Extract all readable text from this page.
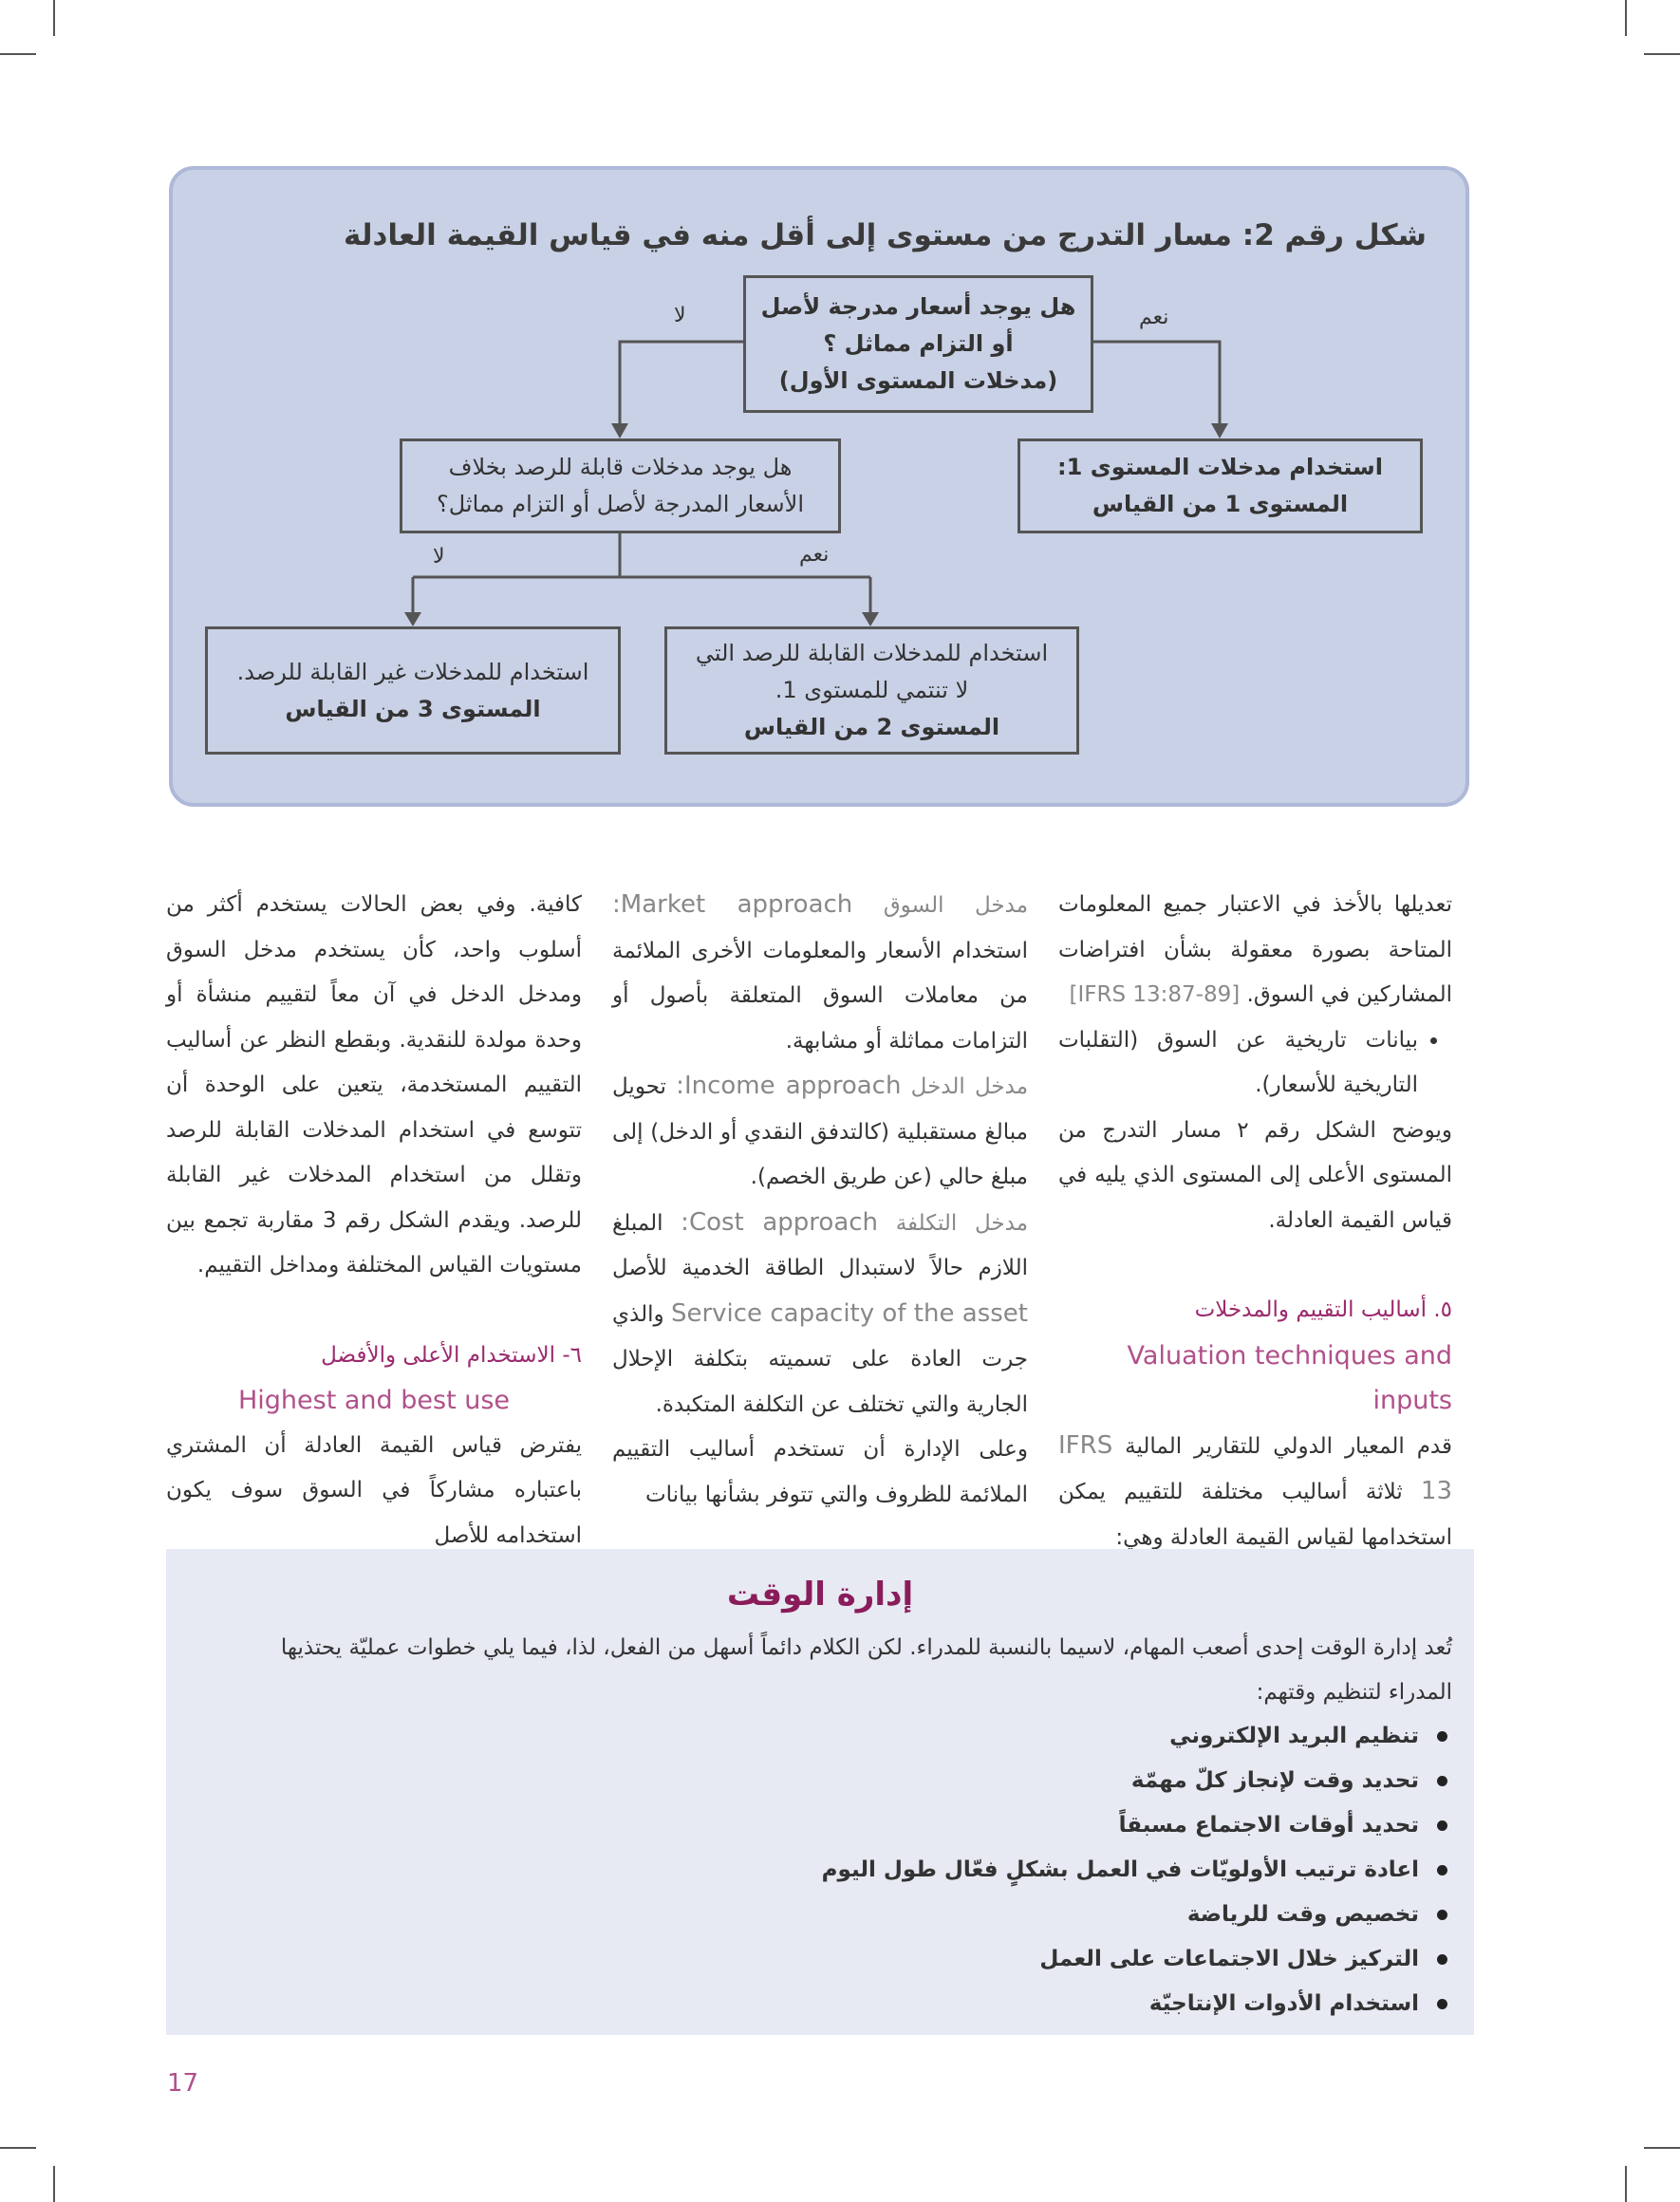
شكل رقم 2: مسار التدرج من مستوى إلى أقل منه في قياس القيمة العادلة
هل يوجد أسعار مدرجة لأصل
أو التزام مماثل ؟
(مدخلات المستوى الأول)
نعم
لا
استخدام مدخلات المستوى 1:
المستوى 1 من القياس
هل يوجد مدخلات قابلة للرصد بخلاف
الأسعار المدرجة لأصل أو التزام مماثل؟
نعم
لا
استخدام للمدخلات القابلة للرصد التي
لا تنتمي للمستوى 1.
المستوى 2 من القياس
استخدام للمدخلات غير القابلة للرصد.
المستوى 3 من القياس

تعديلها بالأخذ في الاعتبار جميع المعلومات المتاحة بصورة معقولة بشأن افتراضات المشاركين في السوق. [IFRS 13:87-89]

• بيانات تاريخية عن السوق (التقلبات التاريخية للأسعار).

ويوضح الشكل رقم ٢ مسار التدرج من المستوى الأعلى إلى المستوى الذي يليه في قياس القيمة العادلة.

٥. أساليب التقييم والمدخلات

Valuation techniques and inputs

قدم المعيار الدولي للتقارير المالية IFRS 13 ثلاثة أساليب مختلفة للتقييم يمكن استخدامها لقياس القيمة العادلة وهي:

مدخل السوق Market approach: استخدام الأسعار والمعلومات الأخرى الملائمة من معاملات السوق المتعلقة بأصول أو التزامات مماثلة أو مشابهة.

مدخل الدخل Income approach: تحويل مبالغ مستقبلية (كالتدفق النقدي أو الدخل) إلى مبلغ حالي (عن طريق الخصم).

مدخل التكلفة Cost approach: المبلغ اللازم حالاً لاستبدال الطاقة الخدمية للأصل Service capacity of the asset والذي جرت العادة على تسميته بتكلفة الإحلال الجارية والتي تختلف عن التكلفة المتكبدة.

وعلى الإدارة أن تستخدم أساليب التقييم الملائمة للظروف والتي تتوفر بشأنها بيانات

كافية. وفي بعض الحالات يستخدم أكثر من أسلوب واحد، كأن يستخدم مدخل السوق ومدخل الدخل في آن معاً لتقييم منشأة أو وحدة مولدة للنقدية. وبقطع النظر عن أساليب التقييم المستخدمة، يتعين على الوحدة أن تتوسع في استخدام المدخلات القابلة للرصد وتقلل من استخدام المدخلات غير القابلة للرصد. ويقدم الشكل رقم 3 مقاربة تجمع بين مستويات القياس المختلفة ومداخل التقييم.

٦- الاستخدام الأعلى والأفضل

Highest and best use

يفترض قياس القيمة العادلة أن المشتري باعتباره مشاركاً في السوق سوف يكون استخدامه للأصل

إدارة الوقت
تُعد إدارة الوقت إحدى أصعب المهام، لاسيما بالنسبة للمدراء. لكن الكلام دائماً أسهل من الفعل، لذا، فيما يلي خطوات عمليّة يحتذيها المدراء لتنظيم وقتهم:
تنظيم البريد الإلكتروني
تحديد وقت لإنجاز كلّ مهمّة
تحديد أوقات الاجتماع مسبقاً
اعادة ترتيب الأولويّات في العمل بشكلٍ فعّال طول اليوم
تخصيص وقت للرياضة
التركيز خلال الاجتماعات على العمل
استخدام الأدوات الإنتاجيّة
17
